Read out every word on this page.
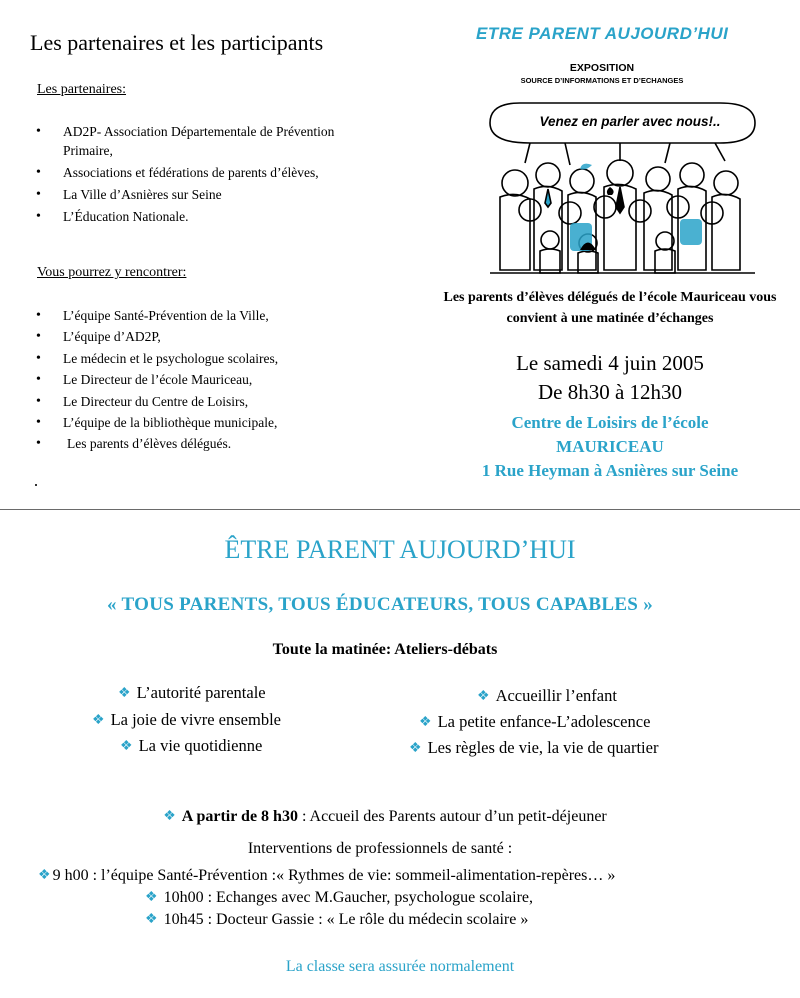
Les partenaires et les participants
Les partenaires:
• AD2P- Association Départementale de Prévention Primaire,
• Associations et fédérations de parents d’élèves,
• La Ville d’Asnières sur Seine
• L’Éducation Nationale.
Vous pourrez y rencontrer:
• L’équipe Santé-Prévention de la Ville,
• L’équipe d’AD2P,
• Le médecin et le psychologue scolaires,
• Le Directeur de l’école Mauriceau,
• Le Directeur du Centre de Loisirs,
• L’équipe de la bibliothèque municipale,
• Les parents d’élèves délégués.
ETRE PARENT AUJOURD’HUI
EXPOSITION
SOURCE D’INFORMATIONS ET D’ECHANGES
Venez en parler avec nous!..
Les parents d’élèves délégués de l’école Mauriceau vous convient à une matinée d’échanges
Le samedi 4 juin 2005
De 8h30 à 12h30
Centre de Loisirs de l’école
MAURICEAU
1 Rue Heyman à Asnières sur Seine
ÊTRE PARENT AUJOURD’HUI
« TOUS PARENTS, TOUS ÉDUCATEURS, TOUS CAPABLES »
Toute la matinée: Ateliers-débats
❖ L’autorité parentale
❖ La joie de vivre ensemble
❖ La vie quotidienne
❖ Accueillir l’enfant
❖ La petite enfance-L’adolescence
❖ Les règles de vie, la vie de quartier
❖ A partir de 8 h30 : Accueil des Parents autour d’un petit-déjeuner
Interventions de professionnels de santé :
❖ 9 h00 : l’équipe Santé-Prévention :« Rythmes de vie: sommeil-alimentation-repères… »
❖ 10h00 : Echanges avec M.Gaucher, psychologue scolaire,
❖ 10h45 : Docteur Gassie : « Le rôle du médecin scolaire »
La classe sera assurée normalement
